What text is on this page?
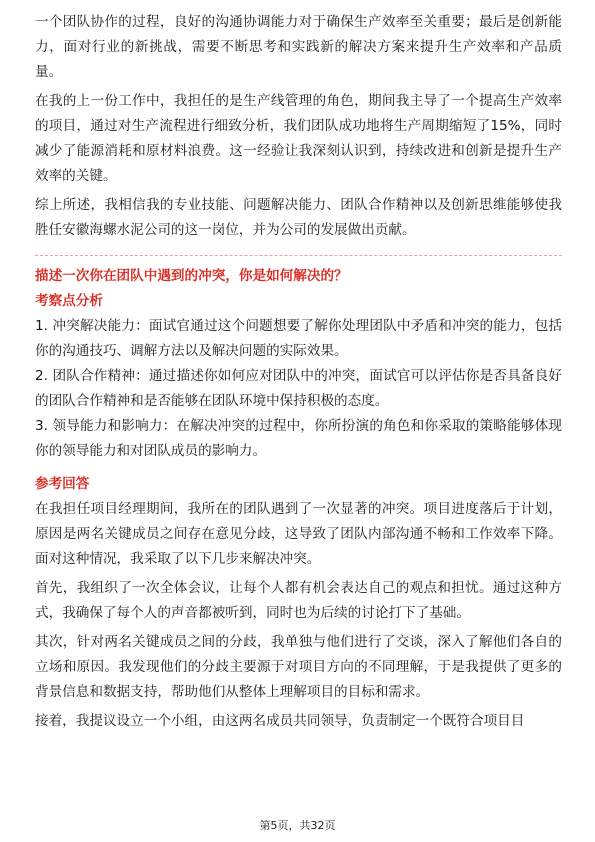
一个团队协作的过程，良好的沟通协调能力对于确保生产效率至关重要；最后是创新能力，面对行业的新挑战，需要不断思考和实践新的解决方案来提升生产效率和产品质量。

在我的上一份工作中，我担任的是生产线管理的角色，期间我主导了一个提高生产效率的项目，通过对生产流程进行细致分析，我们团队成功地将生产周期缩短了15%，同时减少了能源消耗和原材料浪费。这一经验让我深刻认识到，持续改进和创新是提升生产效率的关键。

综上所述，我相信我的专业技能、问题解决能力、团队合作精神以及创新思维能够使我胜任安徽海螺水泥公司的这一岗位，并为公司的发展做出贡献。

描述一次你在团队中遇到的冲突，你是如何解决的？

考察点分析

1. 冲突解决能力：面试官通过这个问题想要了解你处理团队中矛盾和冲突的能力，包括你的沟通技巧、调解方法以及解决问题的实际效果。

2. 团队合作精神：通过描述你如何应对团队中的冲突，面试官可以评估你是否具备良好的团队合作精神和是否能够在团队环境中保持积极的态度。

3. 领导能力和影响力：在解决冲突的过程中，你所扮演的角色和你采取的策略能够体现你的领导能力和对团队成员的影响力。

参考回答

在我担任项目经理期间，我所在的团队遇到了一次显著的冲突。项目进度落后于计划，原因是两名关键成员之间存在意见分歧，这导致了团队内部沟通不畅和工作效率下降。面对这种情况，我采取了以下几步来解决冲突。

首先，我组织了一次全体会议，让每个人都有机会表达自己的观点和担忧。通过这种方式，我确保了每个人的声音都被听到，同时也为后续的讨论打下了基础。

其次，针对两名关键成员之间的分歧，我单独与他们进行了交谈，深入了解他们各自的立场和原因。我发现他们的分歧主要源于对项目方向的不同理解，于是我提供了更多的背景信息和数据支持，帮助他们从整体上理解项目的目标和需求。

接着，我提议设立一个小组，由这两名成员共同领导，负责制定一个既符合项目目

第5页，共32页
